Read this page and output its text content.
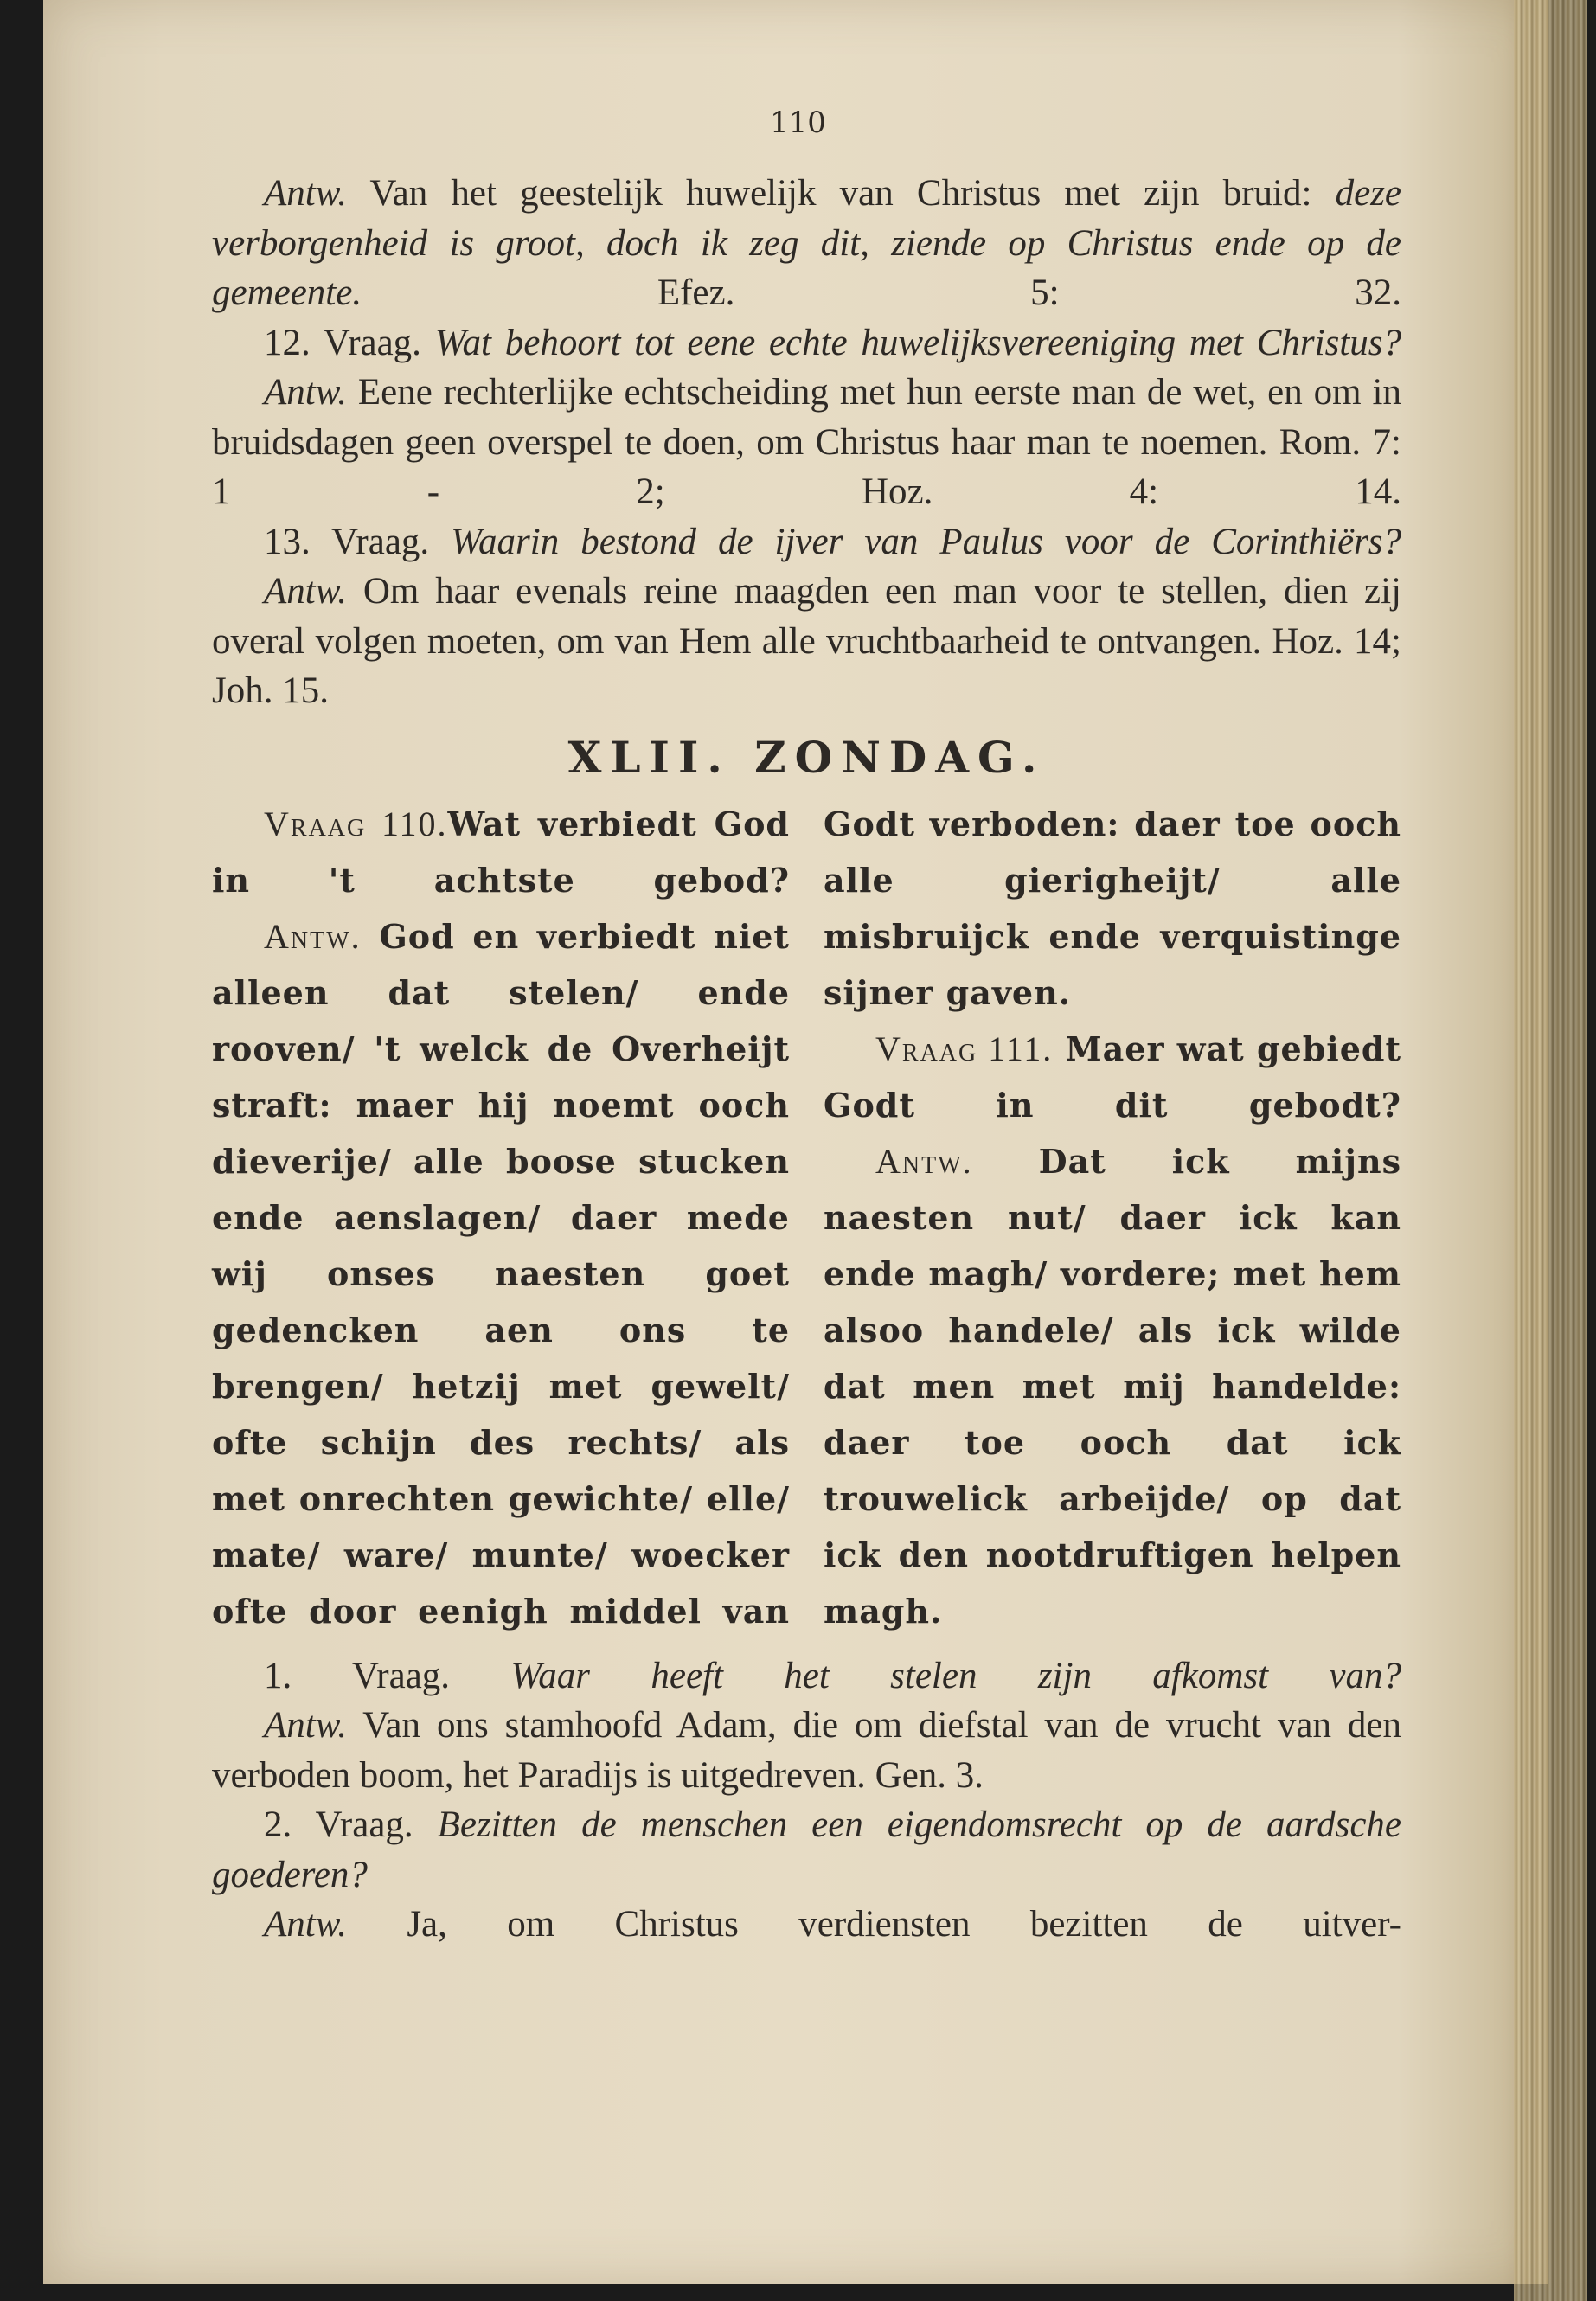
110

Antw. Van het geestelijk huwelijk van Christus met zijn bruid: deze verborgenheid is groot, doch ik zeg dit, ziende op Christus ende op de gemeente.	Efez. 5: 32.

12. Vraag. Wat behoort tot eene echte huwelijksvereeniging met Christus?

Antw. Eene rechterlijke echtscheiding met hun eerste man de wet, en om in bruidsdagen geen overspel te doen, om Christus haar man te noemen. Rom. 7: 1 - 2; Hoz. 4: 14.

13. Vraag. Waarin bestond de ijver van Paulus voor de Corinthiërs?

Antw. Om haar evenals reine maagden een man voor te stellen, dien zij overal volgen moeten, om van Hem alle vruchtbaarheid te ontvangen. Hoz. 14; Joh. 15.

XLII. ZONDAG.

Vraag 110.Wat verbiedt God in 't achtste gebod?

Antw. God en verbiedt niet alleen dat stelen/ ende rooven/ 't welck de Overheijt straft: maer hij noemt ooch dieverije/ alle boose stucken ende aenslagen/ daer mede wij onses naesten goet gedencken aen ons te brengen/ hetzij met gewelt/ ofte schijn des rechts/ als met onrechten gewichte/ elle/ mate/ ware/ munte/ woecker ofte door eenigh middel van

Godt verboden: daer toe ooch alle gierigheijt/ alle misbruijck ende verquistinge sijner gaven.

Vraag 111. Maer wat gebiedt Godt in dit gebodt?

Antw. Dat ick mijns naesten nut/ daer ick kan ende magh/ vordere; met hem alsoo handele/ als ick wilde dat men met mij handelde: daer toe ooch dat ick trouwelick arbeijde/ op dat ick den nootdruftigen helpen magh.

1. Vraag. Waar heeft het stelen zijn afkomst van?

Antw. Van ons stamhoofd Adam, die om diefstal van de vrucht van den verboden boom, het Paradijs is uitgedreven. Gen. 3.

2. Vraag. Bezitten de menschen een eigendomsrecht op de aardsche goederen?

Antw. Ja, om Christus verdiensten bezitten de uitver-
